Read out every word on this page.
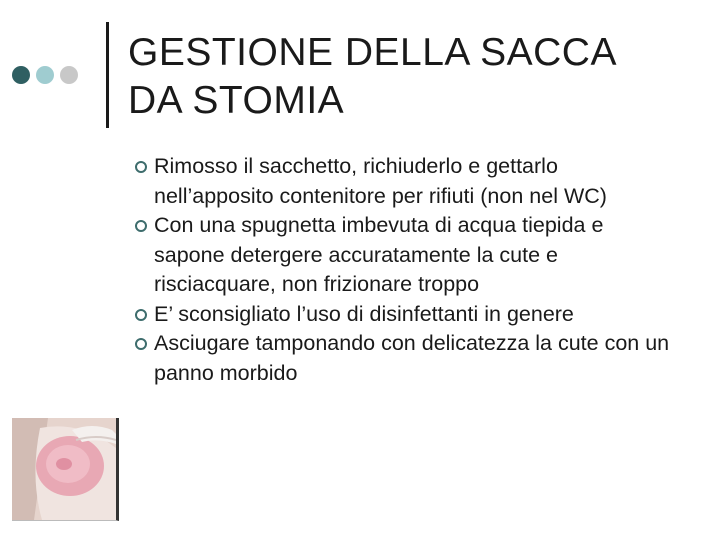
GESTIONE DELLA SACCA
DA STOMIA
Rimosso il sacchetto, richiuderlo e gettarlo nell’apposito contenitore per rifiuti (non nel WC)
Con una spugnetta imbevuta di acqua tiepida e sapone detergere accuratamente la cute e risciacquare, non frizionare troppo
E’ sconsigliato l’uso di disinfettanti in genere
Asciugare tamponando con delicatezza la cute con un panno morbido
